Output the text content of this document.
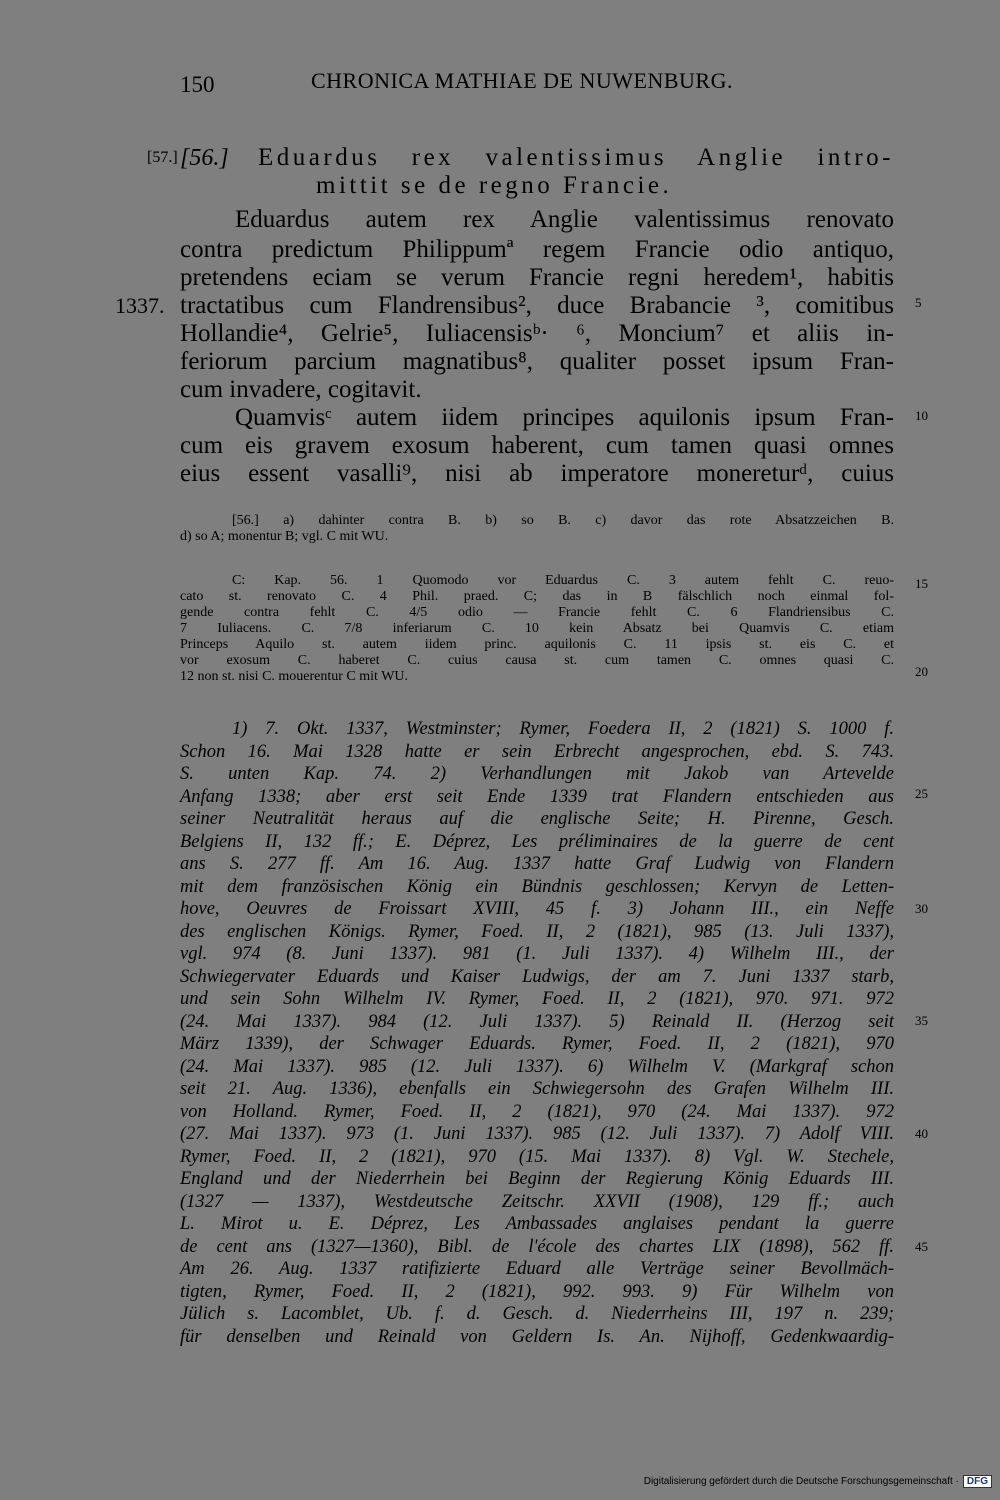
150	CHRONICA MATHIAE DE NUWENBURG.
[57.] [56.] Eduardus rex valentissimus Anglie intro-
mittit se de regno Francie.
Eduardus autem rex Anglie valentissimus renovato
contra predictum Philippumª regem Francie odio antiquo,
pretendens eciam se verum Francie regni heredem¹, habitis
tractatibus cum Flandrensibus², duce Brabancie ³, comitibus
Hollandie⁴, Gelrie⁵, Iuliacensisᵇ· ⁶, Moncium⁷ et aliis in-
feriorum parcium magnatibus⁸, qualiter posset ipsum Fran-
cum invadere, cogitavit.
Quamvisᶜ autem iidem principes aquilonis ipsum Fran-
cum eis gravem exosum haberent, cum tamen quasi omnes
eius essent vasalli⁹, nisi ab imperatore monereturᵈ, cuius
1337.	5
10
15
20
25
30
35
40
45
[56.] a) dahinter contra B. b) so B. c) davor das rote Absatzzeichen B.
d) so A; monentur B; vgl. C mit WU.
C: Kap. 56. 1 Quomodo vor Eduardus C. 3 autem fehlt C. reuo-
cato st. renovato C. 4 Phil. praed. C; das in B fälschlich noch einmal fol-
gende contra fehlt C. 4/5 odio — Francie fehlt C. 6 Flandriensibus C.
7 Iuliacens. C. 7/8 inferiarum C. 10 kein Absatz bei Quamvis C. etiam
Princeps Aquilo st. autem iidem princ. aquilonis C. 11 ipsis st. eis C. et
vor exosum C. haberet C. cuius causa st. cum tamen C. omnes quasi C.
12 non st. nisi C. mouerentur C mit WU.
1) 7. Okt. 1337, Westminster; Rymer, Foedera II, 2 (1821) S. 1000 f.
Schon 16. Mai 1328 hatte er sein Erbrecht angesprochen, ebd. S. 743.
S. unten Kap. 74. 2) Verhandlungen mit Jakob van Artevelde
Anfang 1338; aber erst seit Ende 1339 trat Flandern entschieden aus
seiner Neutralität heraus auf die englische Seite; H. Pirenne, Gesch.
Belgiens II, 132 ff.; E. Déprez, Les préliminaires de la guerre de cent
ans S. 277 ff. Am 16. Aug. 1337 hatte Graf Ludwig von Flandern
mit dem französischen König ein Bündnis geschlossen; Kervyn de Letten-
hove, Oeuvres de Froissart XVIII, 45 f. 3) Johann III., ein Neffe
des englischen Königs. Rymer, Foed. II, 2 (1821), 985 (13. Juli 1337),
vgl. 974 (8. Juni 1337). 981 (1. Juli 1337). 4) Wilhelm III., der
Schwiegervater Eduards und Kaiser Ludwigs, der am 7. Juni 1337 starb,
und sein Sohn Wilhelm IV. Rymer, Foed. II, 2 (1821), 970. 971. 972
(24. Mai 1337). 984 (12. Juli 1337). 5) Reinald II. (Herzog seit
März 1339), der Schwager Eduards. Rymer, Foed. II, 2 (1821), 970
(24. Mai 1337). 985 (12. Juli 1337). 6) Wilhelm V. (Markgraf schon
seit 21. Aug. 1336), ebenfalls ein Schwiegersohn des Grafen Wilhelm III.
von Holland. Rymer, Foed. II, 2 (1821), 970 (24. Mai 1337). 972
(27. Mai 1337). 973 (1. Juni 1337). 985 (12. Juli 1337). 7) Adolf VIII.
Rymer, Foed. II, 2 (1821), 970 (15. Mai 1337). 8) Vgl. W. Stechele,
England und der Niederrhein bei Beginn der Regierung König Eduards III.
(1327 — 1337), Westdeutsche Zeitschr. XXVII (1908), 129 ff.; auch
L. Mirot u. E. Déprez, Les Ambassades anglaises pendant la guerre
de cent ans (1327—1360), Bibl. de l'école des chartes LIX (1898), 562 ff.
Am 26. Aug. 1337 ratifizierte Eduard alle Verträge seiner Bevollmäch-
tigten, Rymer, Foed. II, 2 (1821), 992. 993. 9) Für Wilhelm von
Jülich s. Lacomblet, Ub. f. d. Gesch. d. Niederrheins III, 197 n. 239;
für denselben und Reinald von Geldern Is. An. Nijhoff, Gedenkwaardig-
Digitalisierung gefördert durch die Deutsche Forschungsgemeinschaft · DFG
